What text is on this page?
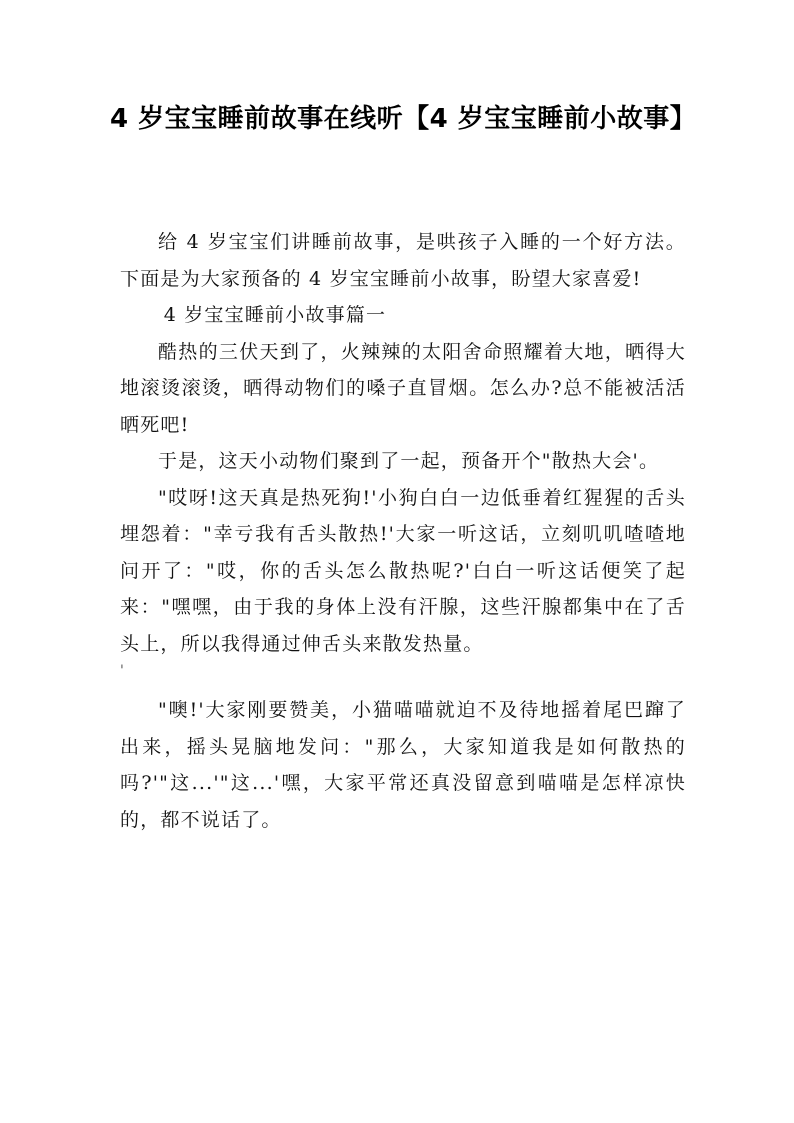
4 岁宝宝睡前故事在线听【4 岁宝宝睡前小故事】

给 4 岁宝宝们讲睡前故事，是哄孩子入睡的一个好方法。下面是为大家预备的 4 岁宝宝睡前小故事，盼望大家喜爱!

4 岁宝宝睡前小故事篇一

酷热的三伏天到了，火辣辣的太阳舍命照耀着大地，晒得大地滚烫滚烫，晒得动物们的嗓子直冒烟。怎么办?总不能被活活晒死吧!

于是，这天小动物们聚到了一起，预备开个"散热大会'。

"哎呀!这天真是热死狗!'小狗白白一边低垂着红猩猩的舌头埋怨着："幸亏我有舌头散热!'大家一听这话，立刻叽叽喳喳地问开了："哎，你的舌头怎么散热呢?'白白一听这话便笑了起来："嘿嘿，由于我的身体上没有汗腺，这些汗腺都集中在了舌头上，所以我得通过伸舌头来散发热量。

'

"噢!'大家刚要赞美，小猫喵喵就迫不及待地摇着尾巴蹿了出来，摇头晃脑地发问："那么，大家知道我是如何散热的吗?'"这...'"这...'嘿，大家平常还真没留意到喵喵是怎样凉快的，都不说话了。
